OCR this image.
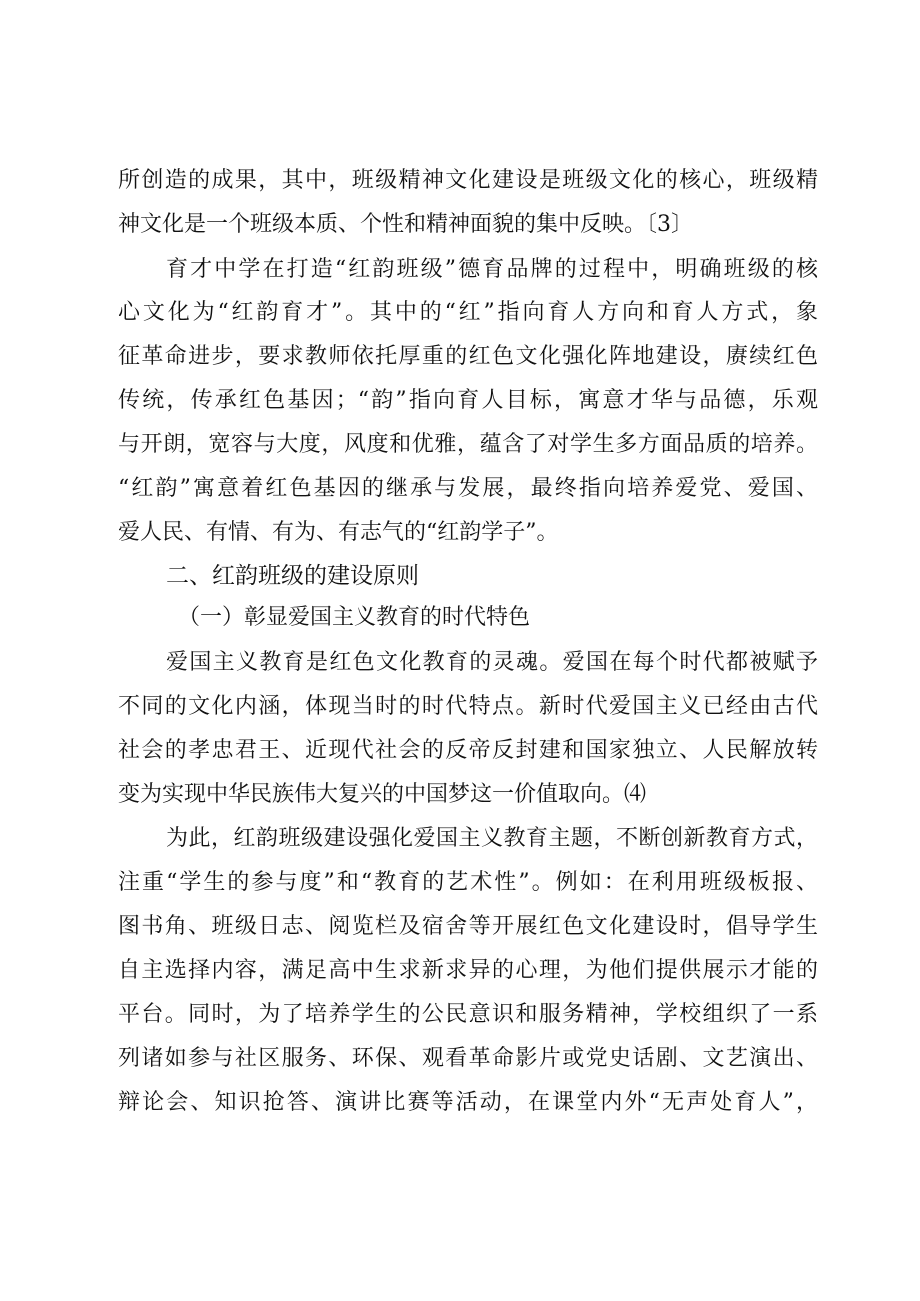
所创造的成果，其中，班级精神文化建设是班级文化的核心，班级精
神文化是一个班级本质、个性和精神面貌的集中反映。〔3〕
育才中学在打造“红韵班级”德育品牌的过程中，明确班级的核
心文化为“红韵育才”。其中的“红”指向育人方向和育人方式，象
征革命进步，要求教师依托厚重的红色文化强化阵地建设，赓续红色
传统，传承红色基因；“韵”指向育人目标，寓意才华与品德，乐观
与开朗，宽容与大度，风度和优雅，蕴含了对学生多方面品质的培养。
“红韵”寓意着红色基因的继承与发展，最终指向培养爱党、爱国、
爱人民、有情、有为、有志气的“红韵学子”。
二、红韵班级的建设原则
（一）彰显爱国主义教育的时代特色
爱国主义教育是红色文化教育的灵魂。爱国在每个时代都被赋予
不同的文化内涵，体现当时的时代特点。新时代爱国主义已经由古代
社会的孝忠君王、近现代社会的反帝反封建和国家独立、人民解放转
变为实现中华民族伟大复兴的中国梦这一价值取向。⑷
为此，红韵班级建设强化爱国主义教育主题，不断创新教育方式，
注重“学生的参与度”和“教育的艺术性”。例如：在利用班级板报、
图书角、班级日志、阅览栏及宿舍等开展红色文化建设时，倡导学生
自主选择内容，满足高中生求新求异的心理，为他们提供展示才能的
平台。同时，为了培养学生的公民意识和服务精神，学校组织了一系
列诸如参与社区服务、环保、观看革命影片或党史话剧、文艺演出、
辩论会、知识抢答、演讲比赛等活动，在课堂内外“无声处育人”，
